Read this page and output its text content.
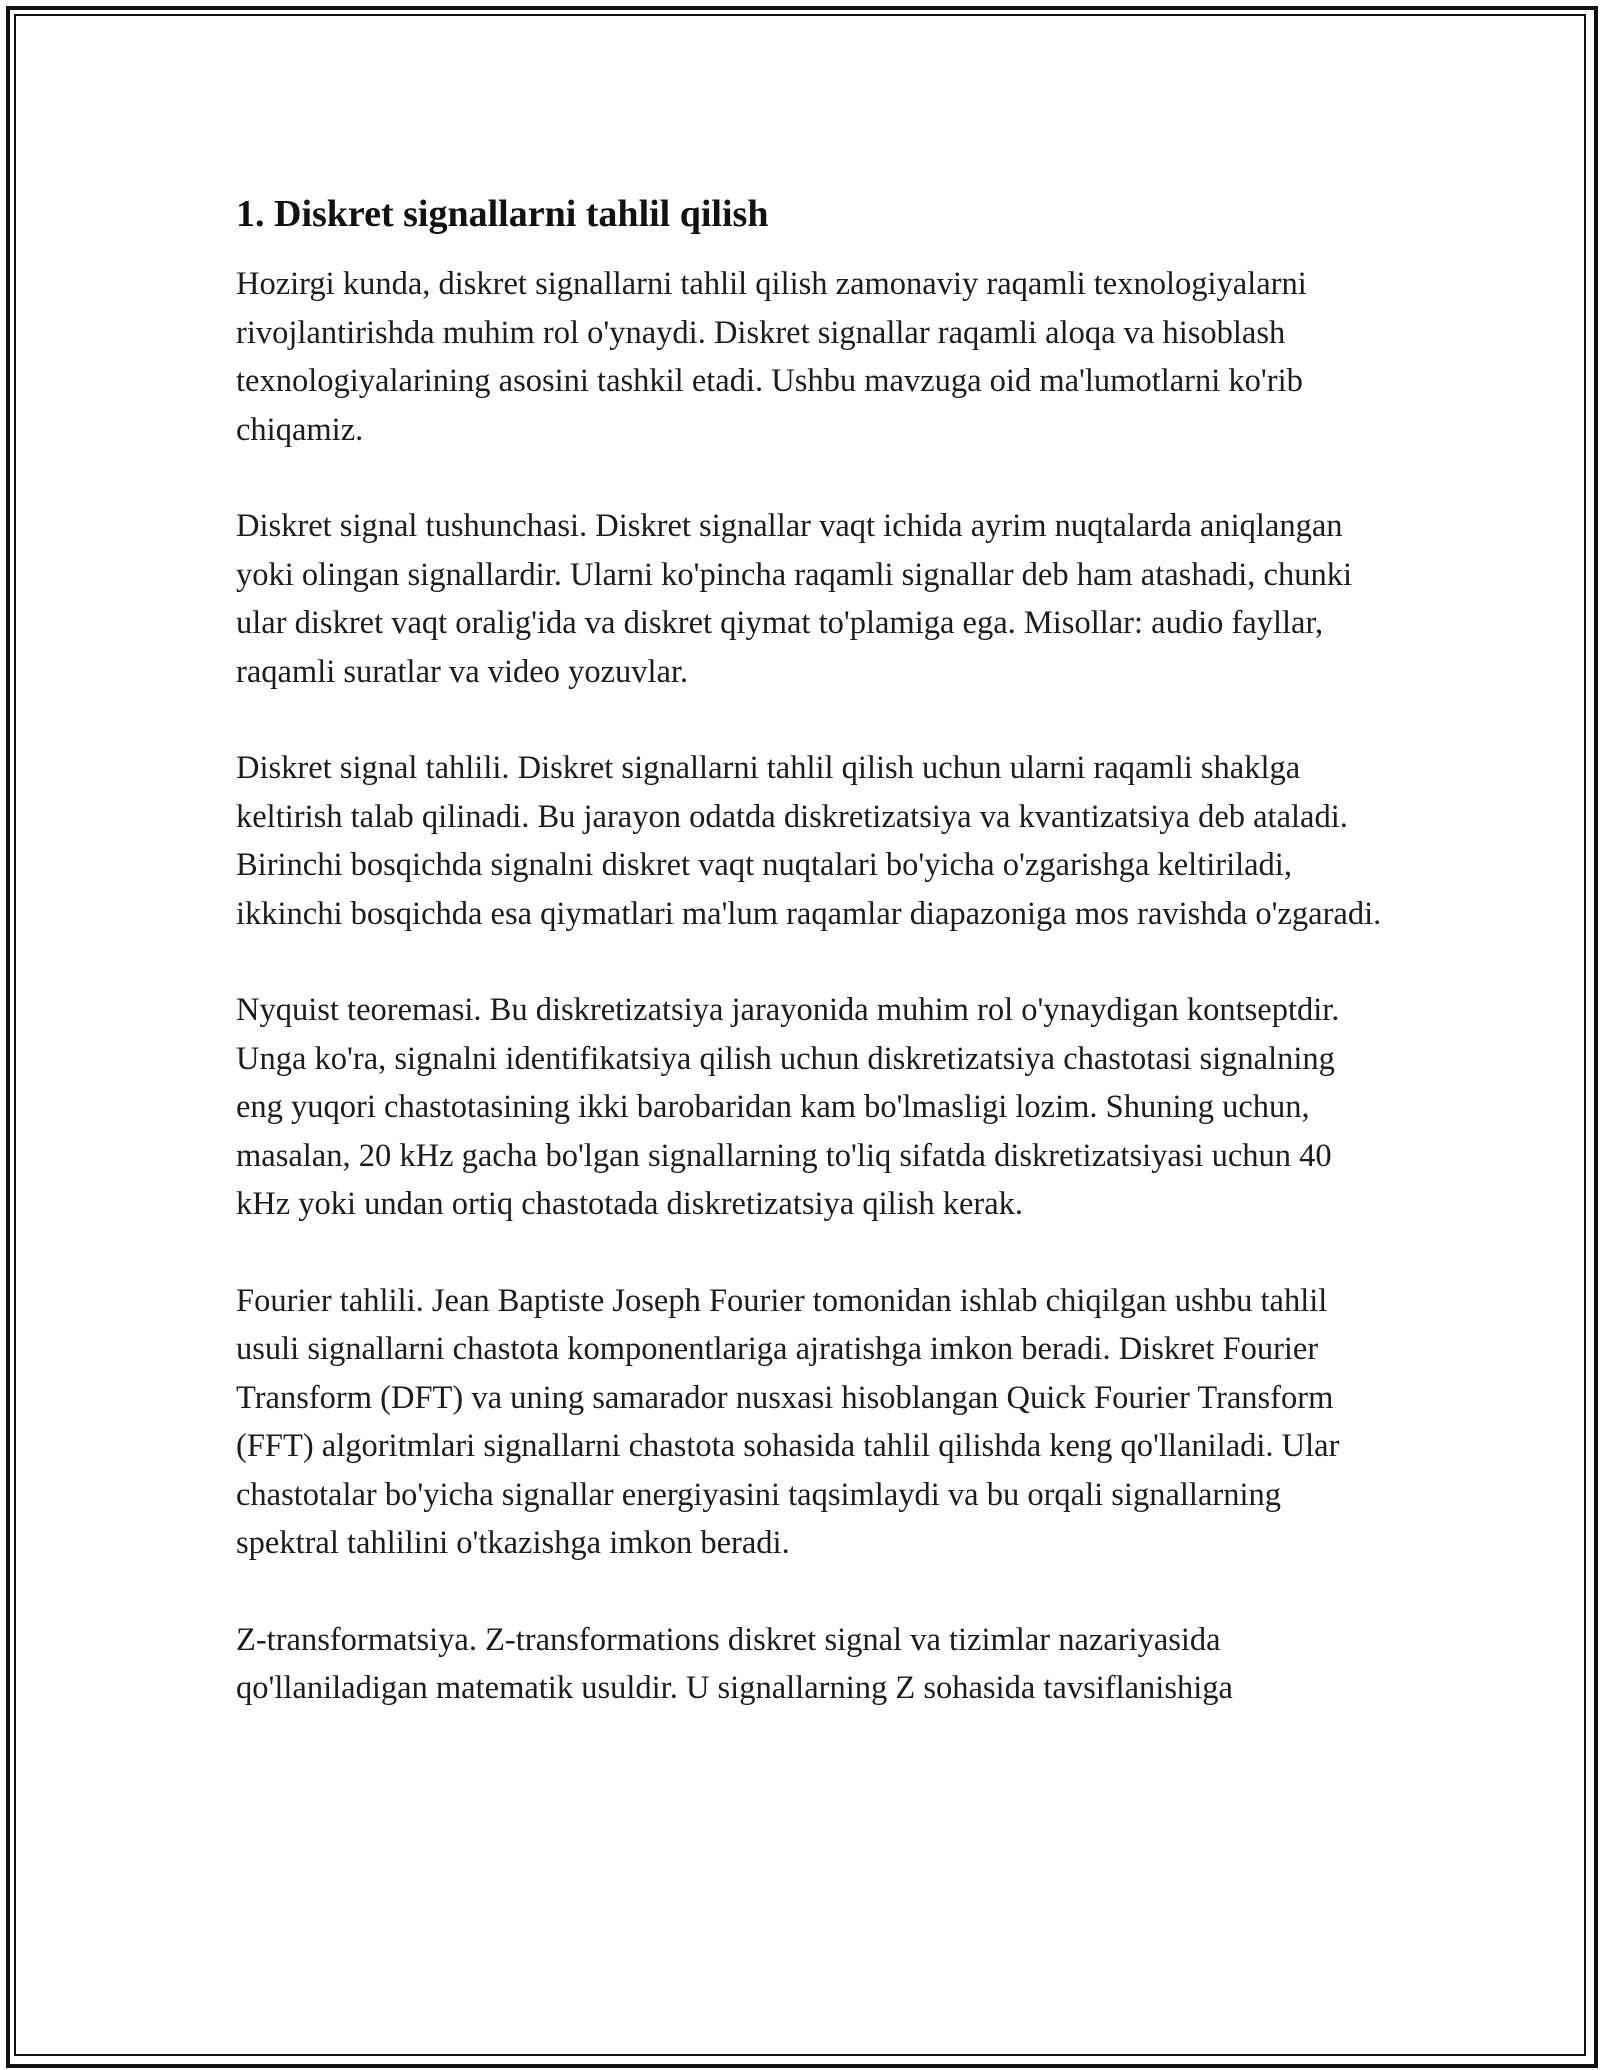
1. Diskret signallarni tahlil qilish

Hozirgi kunda, diskret signallarni tahlil qilish zamonaviy raqamli texnologiyalarni rivojlantirishda muhim rol o'ynaydi. Diskret signallar raqamli aloqa va hisoblash texnologiyalarining asosini tashkil etadi. Ushbu mavzuga oid ma'lumotlarni ko'rib chiqamiz.

Diskret signal tushunchasi. Diskret signallar vaqt ichida ayrim nuqtalarda aniqlangan yoki olingan signallardir. Ularni ko'pincha raqamli signallar deb ham atashadi, chunki ular diskret vaqt oralig'ida va diskret qiymat to'plamiga ega. Misollar: audio fayllar, raqamli suratlar va video yozuvlar.

Diskret signal tahlili. Diskret signallarni tahlil qilish uchun ularni raqamli shaklga keltirish talab qilinadi. Bu jarayon odatda diskretizatsiya va kvantizatsiya deb ataladi. Birinchi bosqichda signalni diskret vaqt nuqtalari bo'yicha o'zgarishga keltiriladi, ikkinchi bosqichda esa qiymatlari ma'lum raqamlar diapazoniga mos ravishda o'zgaradi.

Nyquist teoremasi. Bu diskretizatsiya jarayonida muhim rol o'ynaydigan kontseptdir. Unga ko'ra, signalni identifikatsiya qilish uchun diskretizatsiya chastotasi signalning eng yuqori chastotasining ikki barobaridan kam bo'lmasligi lozim. Shuning uchun, masalan, 20 kHz gacha bo'lgan signallarning to'liq sifatda diskretizatsiyasi uchun 40 kHz yoki undan ortiq chastotada diskretizatsiya qilish kerak.

Fourier tahlili. Jean Baptiste Joseph Fourier tomonidan ishlab chiqilgan ushbu tahlil usuli signallarni chastota komponentlariga ajratishga imkon beradi. Diskret Fourier Transform (DFT) va uning samarador nusxasi hisoblangan Quick Fourier Transform (FFT) algoritmlari signallarni chastota sohasida tahlil qilishda keng qo'llaniladi. Ular chastotalar bo'yicha signallar energiyasini taqsimlaydi va bu orqali signallarning spektral tahlilini o'tkazishga imkon beradi.

Z-transformatsiya. Z-transformations diskret signal va tizimlar nazariyasida qo'llaniladigan matematik usuldir. U signallarning Z sohasida tavsiflanishiga
